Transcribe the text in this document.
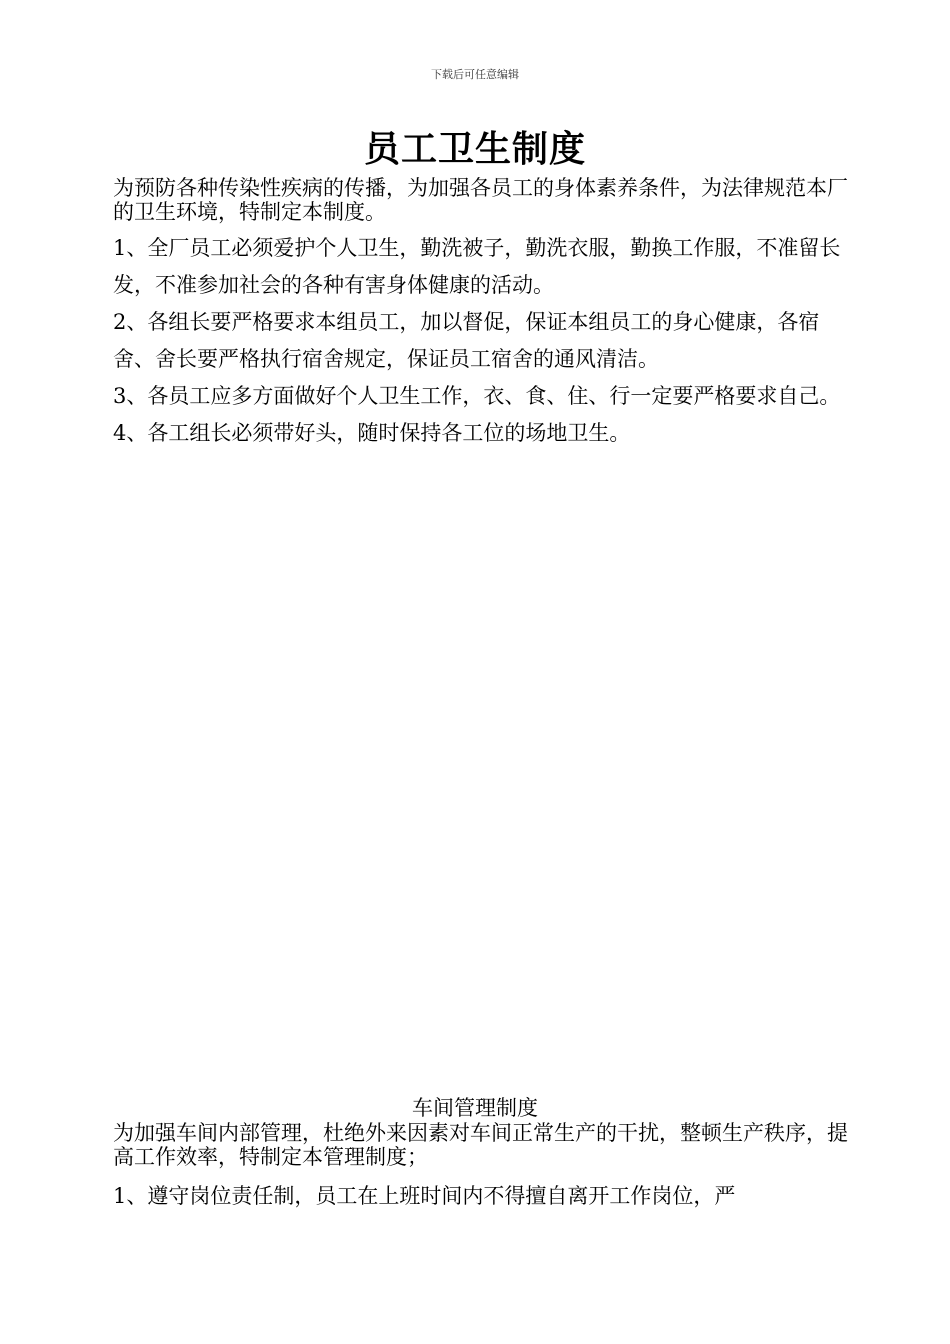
下载后可任意编辑
员工卫生制度
为预防各种传染性疾病的传播，为加强各员工的身体素养条件，为法律规范本厂的卫生环境，特制定本制度。

1、全厂员工必须爱护个人卫生，勤洗被子，勤洗衣服，勤换工作服，不准留长发，不准参加社会的各种有害身体健康的活动。

2、各组长要严格要求本组员工，加以督促，保证本组员工的身心健康，各宿舍、舍长要严格执行宿舍规定，保证员工宿舍的通风清洁。

3、各员工应多方面做好个人卫生工作，衣、食、住、行一定要严格要求自己。

4、各工组长必须带好头，随时保持各工位的场地卫生。

车间管理制度
为加强车间内部管理，杜绝外来因素对车间正常生产的干扰，整顿生产秩序，提高工作效率，特制定本管理制度；

1、遵守岗位责任制，员工在上班时间内不得擅自离开工作岗位，严
